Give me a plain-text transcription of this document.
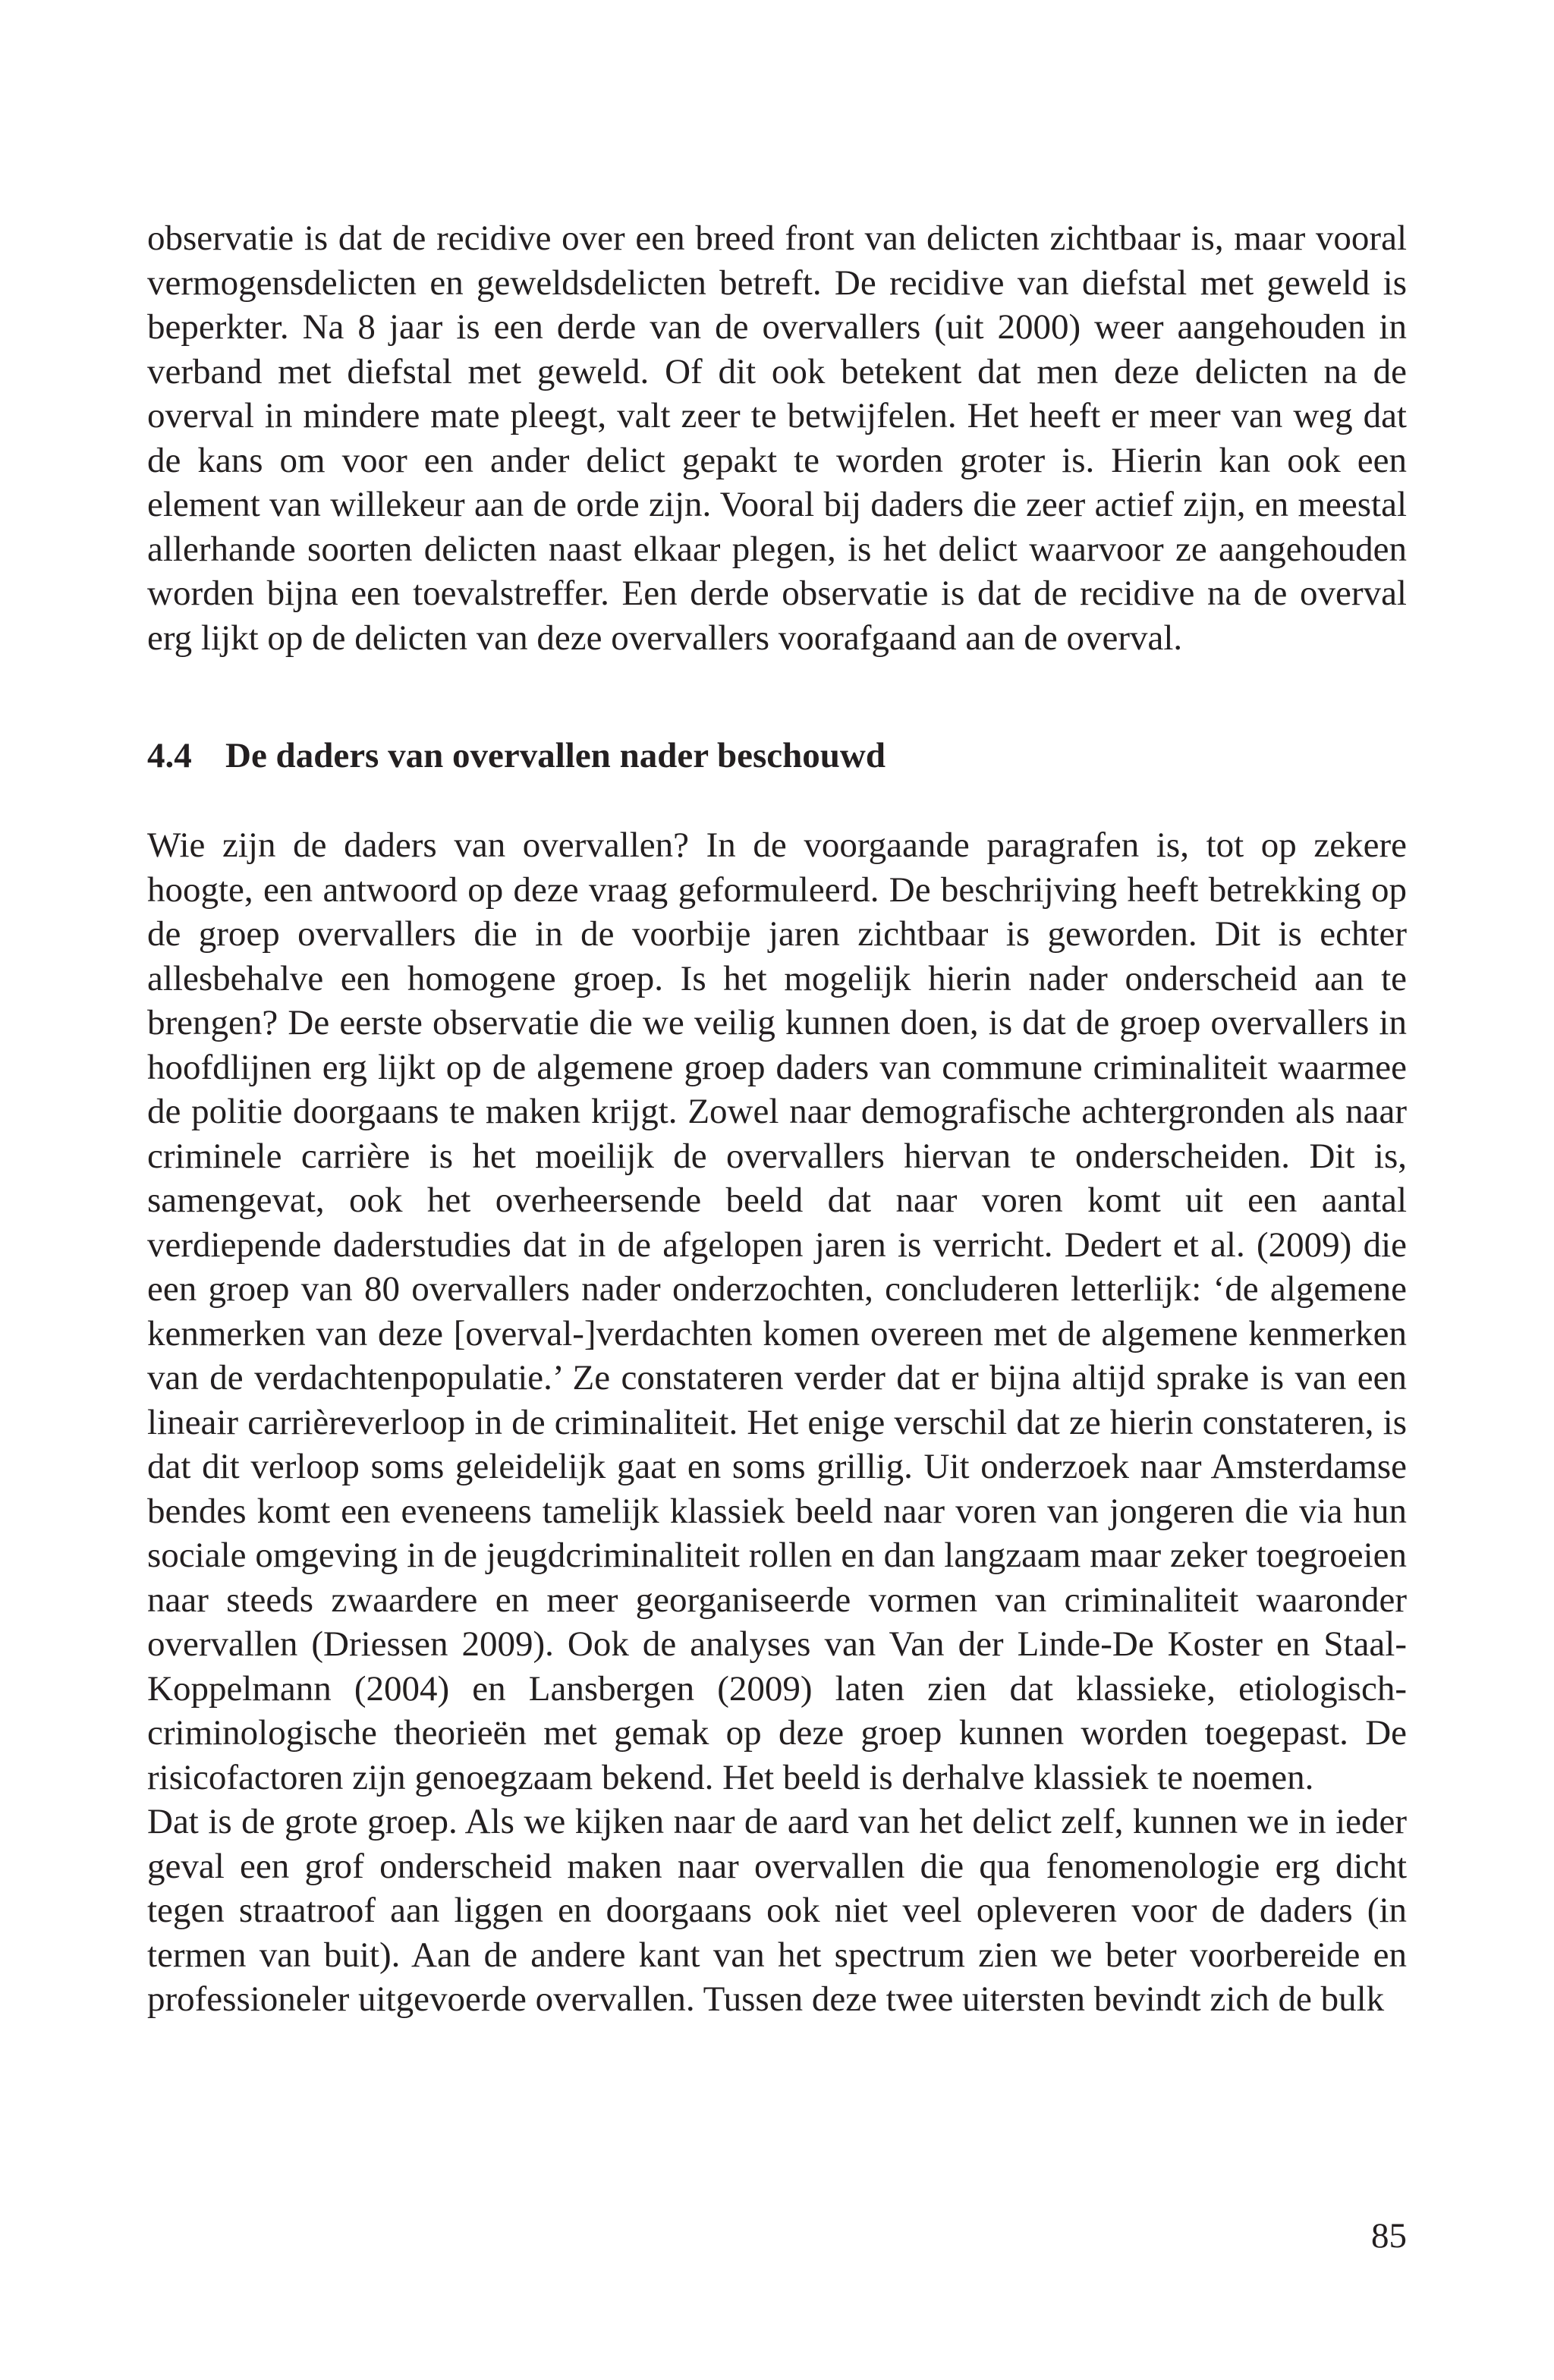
observatie is dat de recidive over een breed front van delicten zichtbaar is, maar vooral vermogensdelicten en geweldsdelicten betreft. De recidive van diefstal met geweld is beperkter. Na 8 jaar is een derde van de overvallers (uit 2000) weer aangehouden in verband met diefstal met geweld. Of dit ook betekent dat men deze delicten na de overval in mindere mate pleegt, valt zeer te betwijfelen. Het heeft er meer van weg dat de kans om voor een ander delict gepakt te worden groter is. Hierin kan ook een element van willekeur aan de orde zijn. Vooral bij daders die zeer actief zijn, en meestal allerhande soorten delicten naast elkaar plegen, is het delict waarvoor ze aangehouden worden bijna een toevalstreffer. Een derde observatie is dat de recidive na de overval erg lijkt op de delicten van deze overvallers voorafgaand aan de overval.

4.4 De daders van overvallen nader beschouwd

Wie zijn de daders van overvallen? In de voorgaande paragrafen is, tot op zekere hoogte, een antwoord op deze vraag geformuleerd. De beschrijving heeft betrekking op de groep overvallers die in de voorbije jaren zichtbaar is geworden. Dit is echter allesbehalve een homogene groep. Is het mogelijk hierin nader onderscheid aan te brengen? De eerste observatie die we veilig kunnen doen, is dat de groep overvallers in hoofdlijnen erg lijkt op de algemene groep daders van commune criminaliteit waarmee de politie doorgaans te maken krijgt. Zowel naar demografische achtergronden als naar criminele carrière is het moeilijk de overvallers hiervan te onderscheiden. Dit is, samengevat, ook het overheersende beeld dat naar voren komt uit een aantal verdiepende daderstudies dat in de afgelopen jaren is verricht. Dedert et al. (2009) die een groep van 80 overvallers nader onderzochten, concluderen letterlijk: ‘de algemene kenmerken van deze [overval-]verdachten komen overeen met de algemene kenmerken van de verdachtenpopulatie.’ Ze constateren verder dat er bijna altijd sprake is van een lineair carrièreverloop in de criminaliteit. Het enige verschil dat ze hierin constateren, is dat dit verloop soms geleidelijk gaat en soms grillig. Uit onderzoek naar Amsterdamse bendes komt een eveneens tamelijk klassiek beeld naar voren van jongeren die via hun sociale omgeving in de jeugdcriminaliteit rollen en dan langzaam maar zeker toegroeien naar steeds zwaardere en meer georganiseerde vormen van criminaliteit waaronder overvallen (Driessen 2009). Ook de analyses van Van der Linde-De Koster en Staal-Koppelmann (2004) en Lansbergen (2009) laten zien dat klassieke, etiologisch-criminologische theorieën met gemak op deze groep kunnen worden toegepast. De risicofactoren zijn genoegzaam bekend. Het beeld is derhalve klassiek te noemen.

Dat is de grote groep. Als we kijken naar de aard van het delict zelf, kunnen we in ieder geval een grof onderscheid maken naar overvallen die qua fenomenologie erg dicht tegen straatroof aan liggen en doorgaans ook niet veel opleveren voor de daders (in termen van buit). Aan de andere kant van het spectrum zien we beter voorbereide en professioneler uitgevoerde overvallen. Tussen deze twee uitersten bevindt zich de bulk

85
